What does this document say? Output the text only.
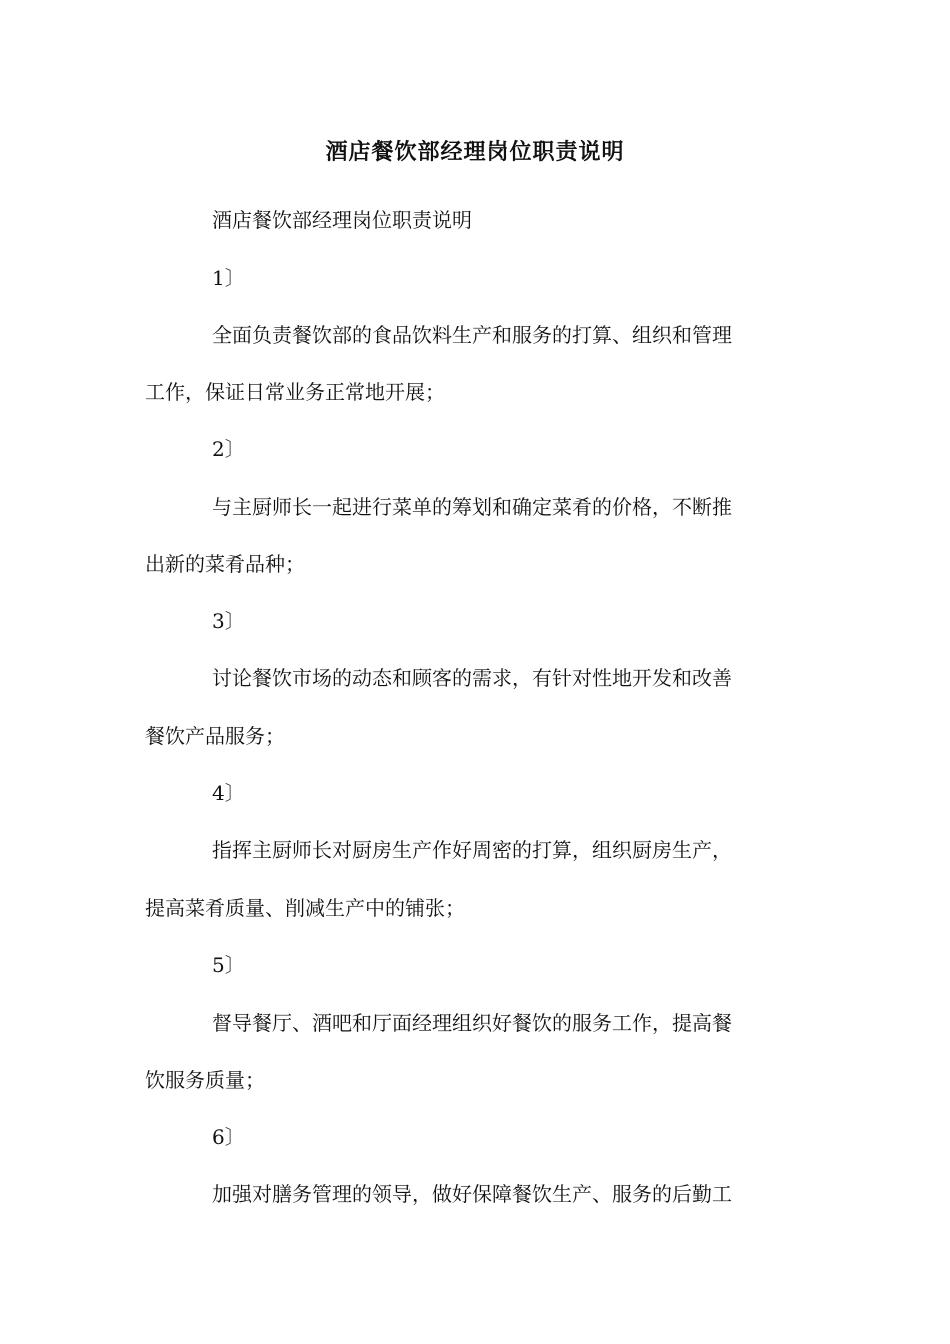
酒店餐饮部经理岗位职责说明
酒店餐饮部经理岗位职责说明
1〕
全面负责餐饮部的食品饮料生产和服务的打算、组织和管理
工作，保证日常业务正常地开展；
2〕
与主厨师长一起进行菜单的筹划和确定菜肴的价格，不断推
出新的菜肴品种；
3〕
讨论餐饮市场的动态和顾客的需求，有针对性地开发和改善
餐饮产品服务；
4〕
指挥主厨师长对厨房生产作好周密的打算，组织厨房生产，
提高菜肴质量、削减生产中的铺张；
5〕
督导餐厅、酒吧和厅面经理组织好餐饮的服务工作，提高餐
饮服务质量；
6〕
加强对膳务管理的领导，做好保障餐饮生产、服务的后勤工
